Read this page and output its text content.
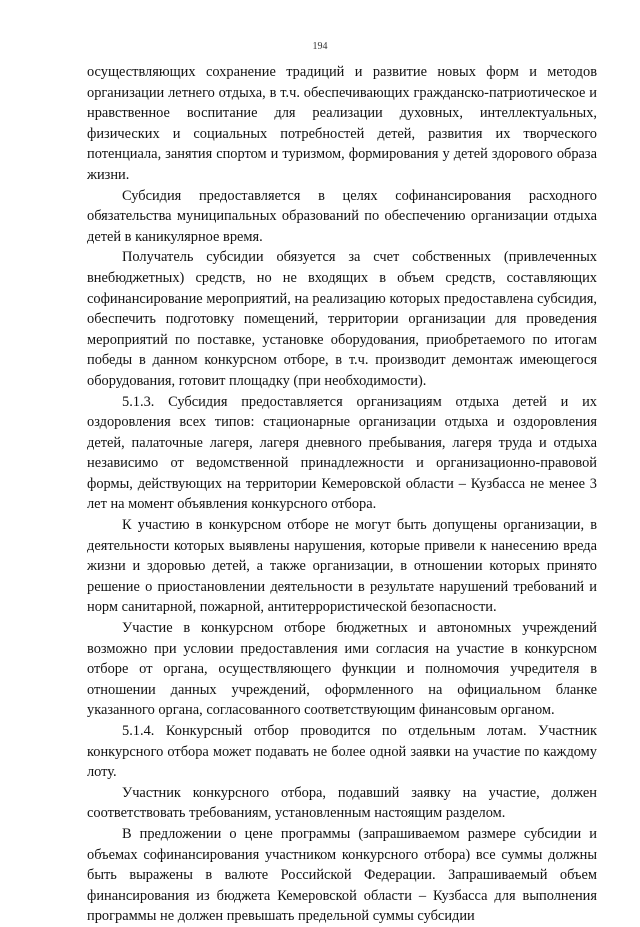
194

осуществляющих сохранение традиций и развитие новых форм и методов организации летнего отдыха, в т.ч. обеспечивающих гражданско-патриотическое и нравственное воспитание для реализации духовных, интеллектуальных, физических и социальных потребностей детей, развития их творческого потенциала, занятия спортом и туризмом, формирования у детей здорового образа жизни.

Субсидия предоставляется в целях софинансирования расходного обязательства муниципальных образований по обеспечению организации отдыха детей в каникулярное время.

Получатель субсидии обязуется за счет собственных (привлеченных внебюджетных) средств, но не входящих в объем средств, составляющих софинансирование мероприятий, на реализацию которых предоставлена субсидия, обеспечить подготовку помещений, территории организации для проведения мероприятий по поставке, установке оборудования, приобретаемого по итогам победы в данном конкурсном отборе, в т.ч. производит демонтаж имеющегося оборудования, готовит площадку (при необходимости).

5.1.3. Субсидия предоставляется организациям отдыха детей и их оздоровления всех типов: стационарные организации отдыха и оздоровления детей, палаточные лагеря, лагеря дневного пребывания, лагеря труда и отдыха независимо от ведомственной принадлежности и организационно-правовой формы, действующих на территории Кемеровской области – Кузбасса не менее 3 лет на момент объявления конкурсного отбора.

К участию в конкурсном отборе не могут быть допущены организации, в деятельности которых выявлены нарушения, которые привели к нанесению вреда жизни и здоровью детей, а также организации, в отношении которых принято решение о приостановлении деятельности в результате нарушений требований и норм санитарной, пожарной, антитеррористической безопасности.

Участие в конкурсном отборе бюджетных и автономных учреждений возможно при условии предоставления ими согласия на участие в конкурсном отборе от органа, осуществляющего функции и полномочия учредителя в отношении данных учреждений, оформленного на официальном бланке указанного органа, согласованного соответствующим финансовым органом.

5.1.4. Конкурсный отбор проводится по отдельным лотам. Участник конкурсного отбора может подавать не более одной заявки на участие по каждому лоту.

Участник конкурсного отбора, подавший заявку на участие, должен соответствовать требованиям, установленным настоящим разделом.

В предложении о цене программы (запрашиваемом размере субсидии и объемах софинансирования участником конкурсного отбора) все суммы должны быть выражены в валюте Российской Федерации. Запрашиваемый объем финансирования из бюджета Кемеровской области – Кузбасса для выполнения программы не должен превышать предельной суммы субсидии
